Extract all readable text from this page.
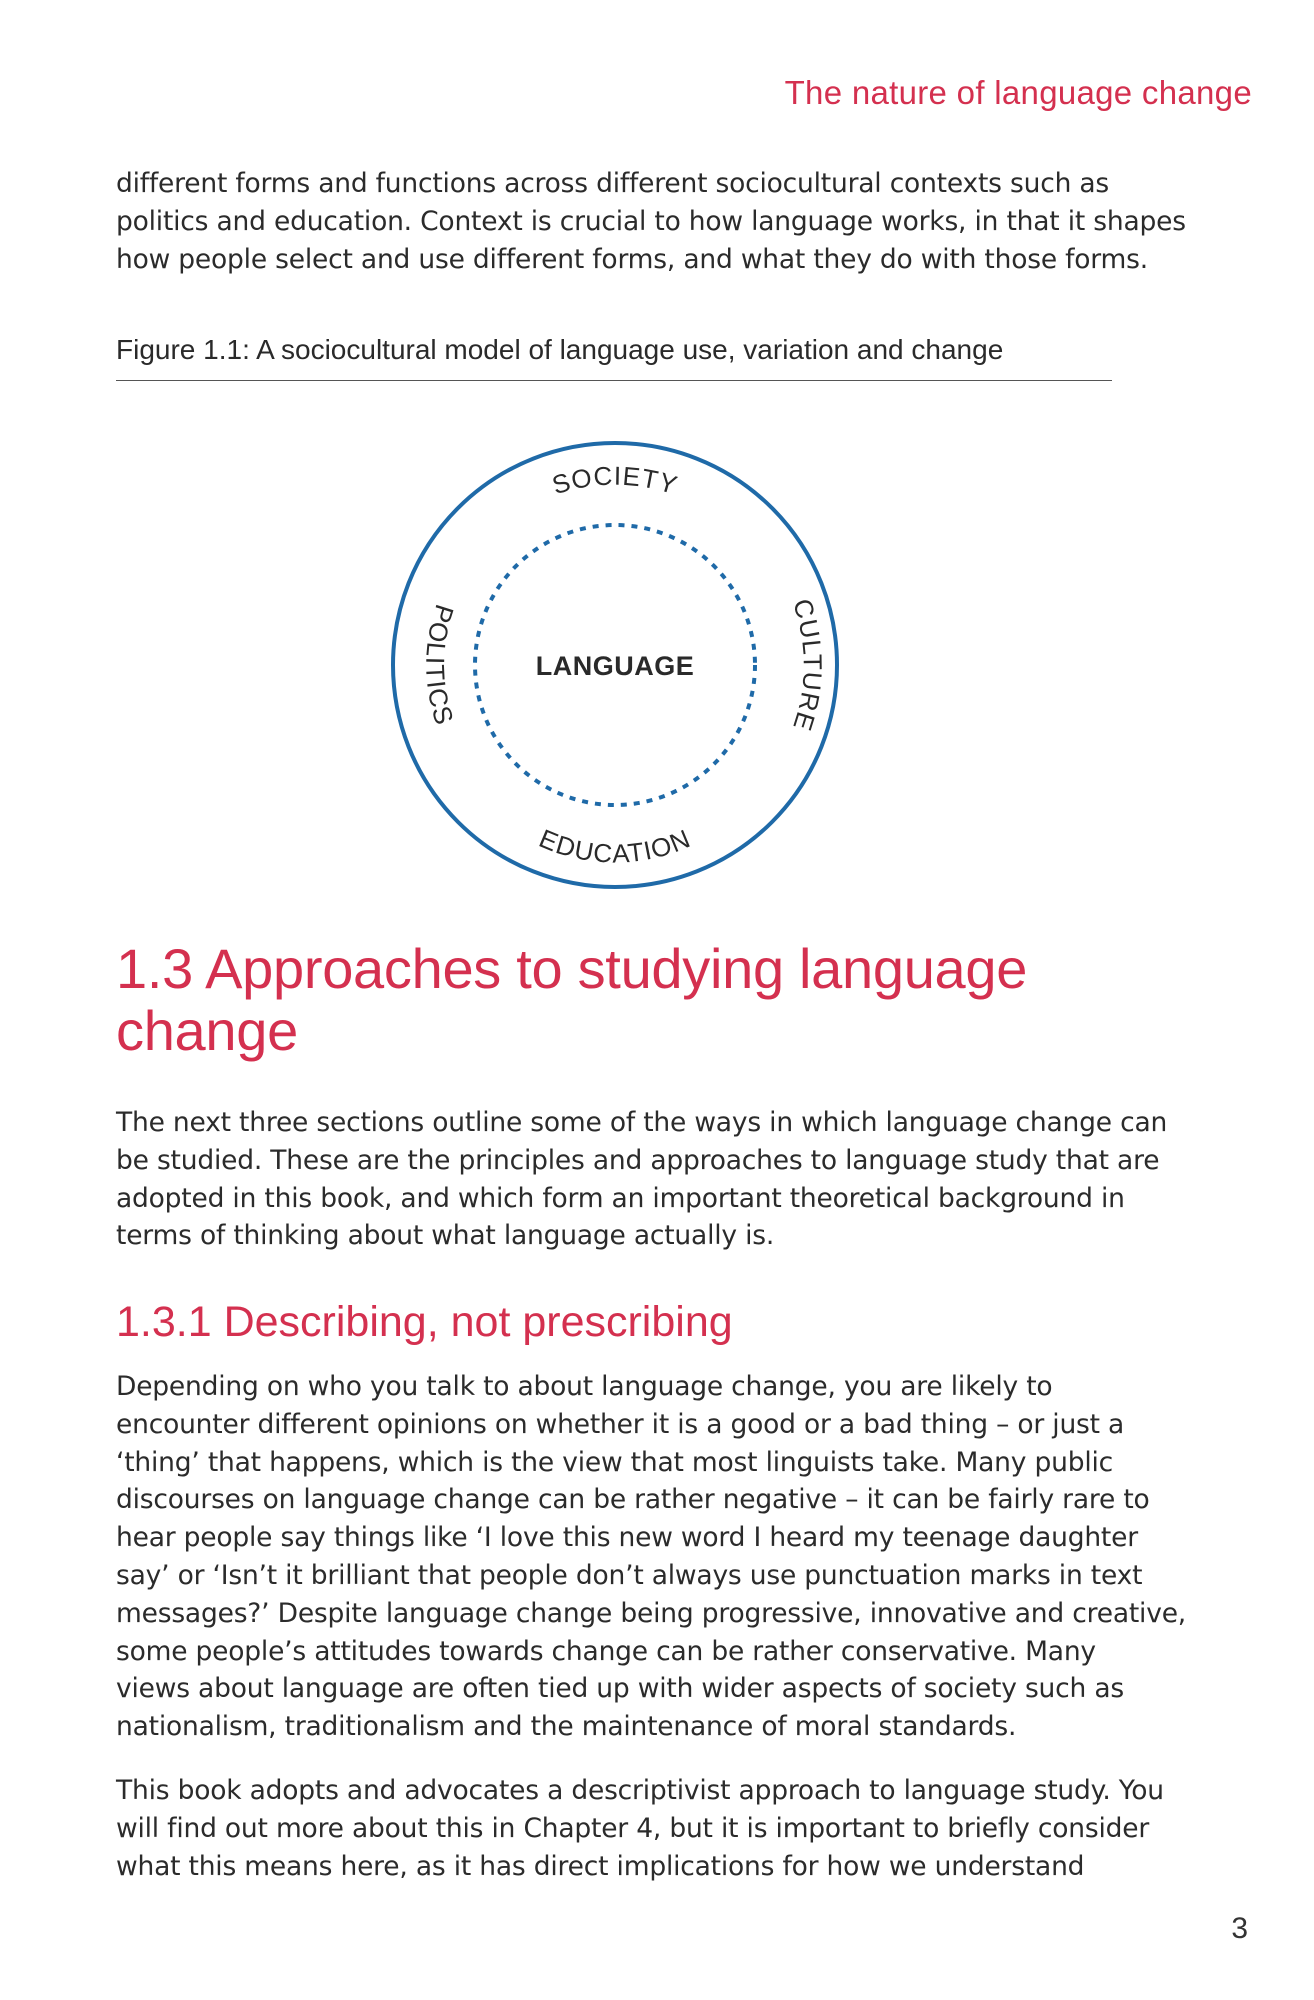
The nature of language change

different forms and functions across different sociocultural contexts such as
politics and education. Context is crucial to how language works, in that it shapes
how people select and use different forms, and what they do with those forms.

Figure 1.1: A sociocultural model of language use, variation and change
LANGUAGE
SOCIETY
EDUCATION
CULTURE
POLITICS
1.3 Approaches to studying language
change

The next three sections outline some of the ways in which language change can
be studied. These are the principles and approaches to language study that are
adopted in this book, and which form an important theoretical background in
terms of thinking about what language actually is.

1.3.1 Describing, not prescribing

Depending on who you talk to about language change, you are likely to
encounter different opinions on whether it is a good or a bad thing – or just a
‘thing’ that happens, which is the view that most linguists take. Many public
discourses on language change can be rather negative – it can be fairly rare to
hear people say things like ‘I love this new word I heard my teenage daughter
say’ or ‘Isn’t it brilliant that people don’t always use punctuation marks in text
messages?’ Despite language change being progressive, innovative and creative,
some people’s attitudes towards change can be rather conservative. Many
views about language are often tied up with wider aspects of society such as
nationalism, traditionalism and the maintenance of moral standards.

This book adopts and advocates a descriptivist approach to language study. You
will find out more about this in Chapter 4, but it is important to briefly consider
what this means here, as it has direct implications for how we understand

3
